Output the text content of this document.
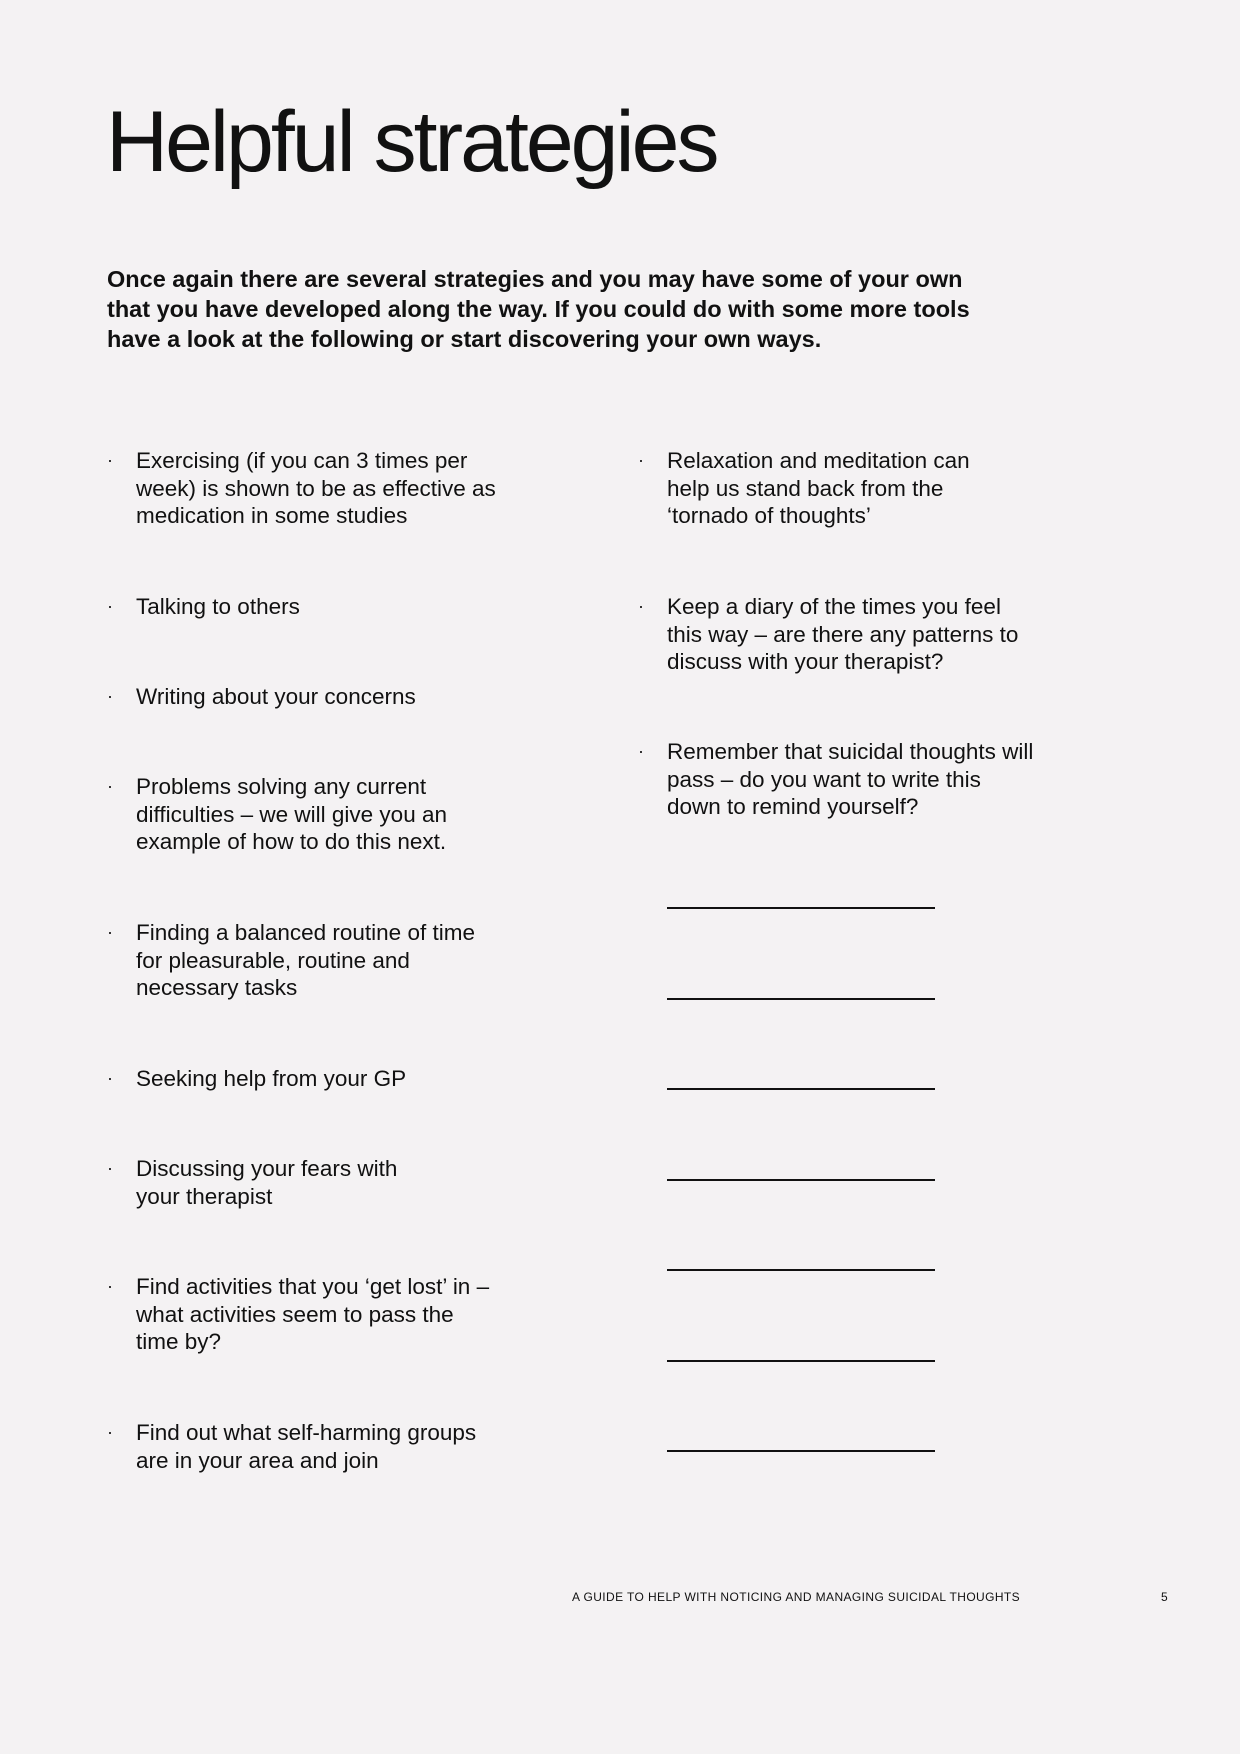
Helpful strategies

Once again there are several strategies and you may have some of your own that you have developed along the way. If you could do with some more tools have a look at the following or start discovering your own ways.

· Exercising (if you can 3 times per week) is shown to be as effective as medication in some studies
· Talking to others
· Writing about your concerns
· Problems solving any current difficulties – we will give you an example of how to do this next.
· Finding a balanced routine of time for pleasurable, routine and necessary tasks
· Seeking help from your GP
· Discussing your fears with your therapist
· Find activities that you ‘get lost’ in – what activities seem to pass the time by?
· Find out what self-harming groups are in your area and join
· Relaxation and meditation can help us stand back from the ‘tornado of thoughts’
· Keep a diary of the times you feel this way – are there any patterns to discuss with your therapist?
· Remember that suicidal thoughts will pass – do you want to write this down to remind yourself?
A GUIDE TO HELP WITH NOTICING AND MANAGING SUICIDAL THOUGHTS	5
